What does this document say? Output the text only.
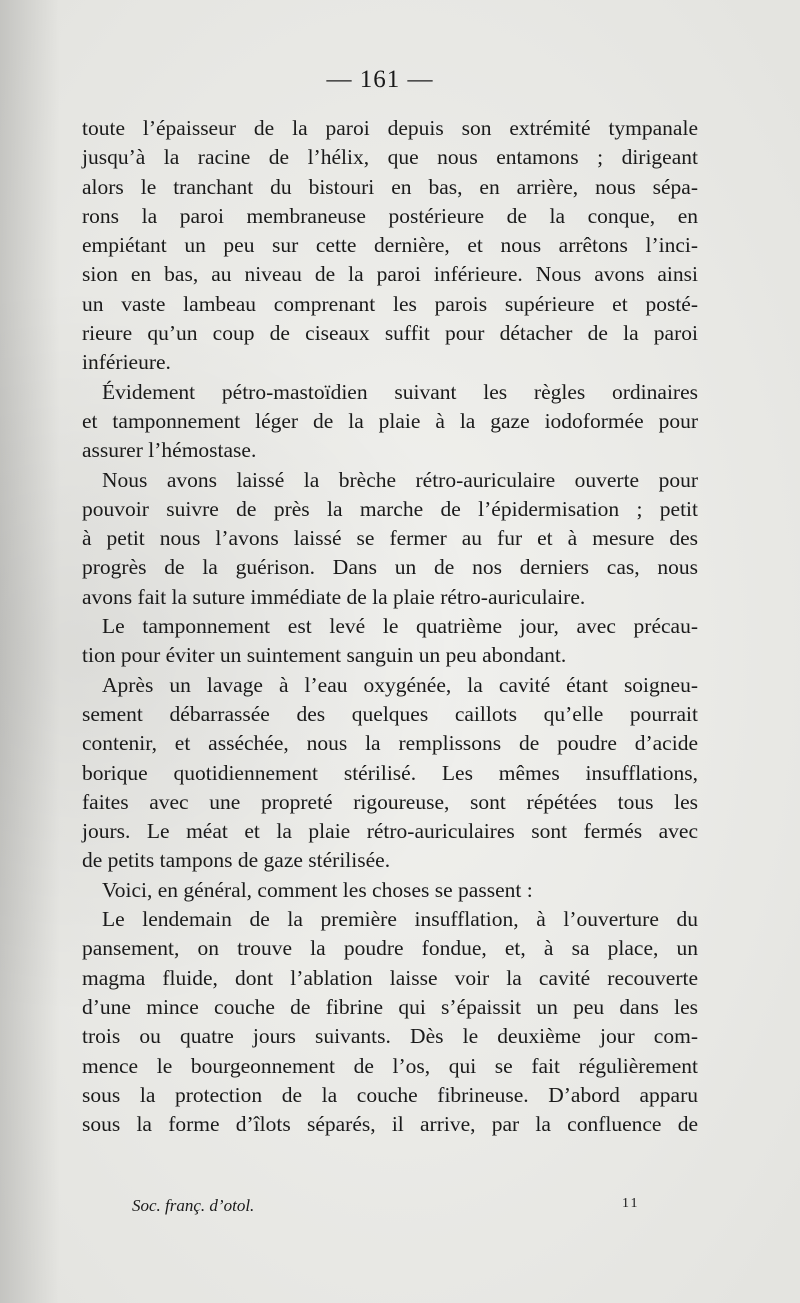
— 161 —
toute l’épaisseur de la paroi depuis son extrémité tympanale
jusqu’à la racine de l’hélix, que nous entamons ; dirigeant
alors le tranchant du bistouri en bas, en arrière, nous sépa-
rons la paroi membraneuse postérieure de la conque, en
empiétant un peu sur cette dernière, et nous arrêtons l’inci-
sion en bas, au niveau de la paroi inférieure. Nous avons ainsi
un vaste lambeau comprenant les parois supérieure et posté-
rieure qu’un coup de ciseaux suffit pour détacher de la paroi
inférieure.
Évidement pétro-mastoïdien suivant les règles ordinaires
et tamponnement léger de la plaie à la gaze iodoformée pour
assurer l’hémostase.
Nous avons laissé la brèche rétro-auriculaire ouverte pour
pouvoir suivre de près la marche de l’épidermisation ; petit
à petit nous l’avons laissé se fermer au fur et à mesure des
progrès de la guérison. Dans un de nos derniers cas, nous
avons fait la suture immédiate de la plaie rétro-auriculaire.
Le tamponnement est levé le quatrième jour, avec précau-
tion pour éviter un suintement sanguin un peu abondant.
Après un lavage à l’eau oxygénée, la cavité étant soigneu-
sement débarrassée des quelques caillots qu’elle pourrait
contenir, et asséchée, nous la remplissons de poudre d’acide
borique quotidiennement stérilisé. Les mêmes insufflations,
faites avec une propreté rigoureuse, sont répétées tous les
jours. Le méat et la plaie rétro-auriculaires sont fermés avec
de petits tampons de gaze stérilisée.
Voici, en général, comment les choses se passent :
Le lendemain de la première insufflation, à l’ouverture du
pansement, on trouve la poudre fondue, et, à sa place, un
magma fluide, dont l’ablation laisse voir la cavité recouverte
d’une mince couche de fibrine qui s’épaissit un peu dans les
trois ou quatre jours suivants. Dès le deuxième jour com-
mence le bourgeonnement de l’os, qui se fait régulièrement
sous la protection de la couche fibrineuse. D’abord apparu
sous la forme d’îlots séparés, il arrive, par la confluence de
Soc. franç. d’otol.	11
